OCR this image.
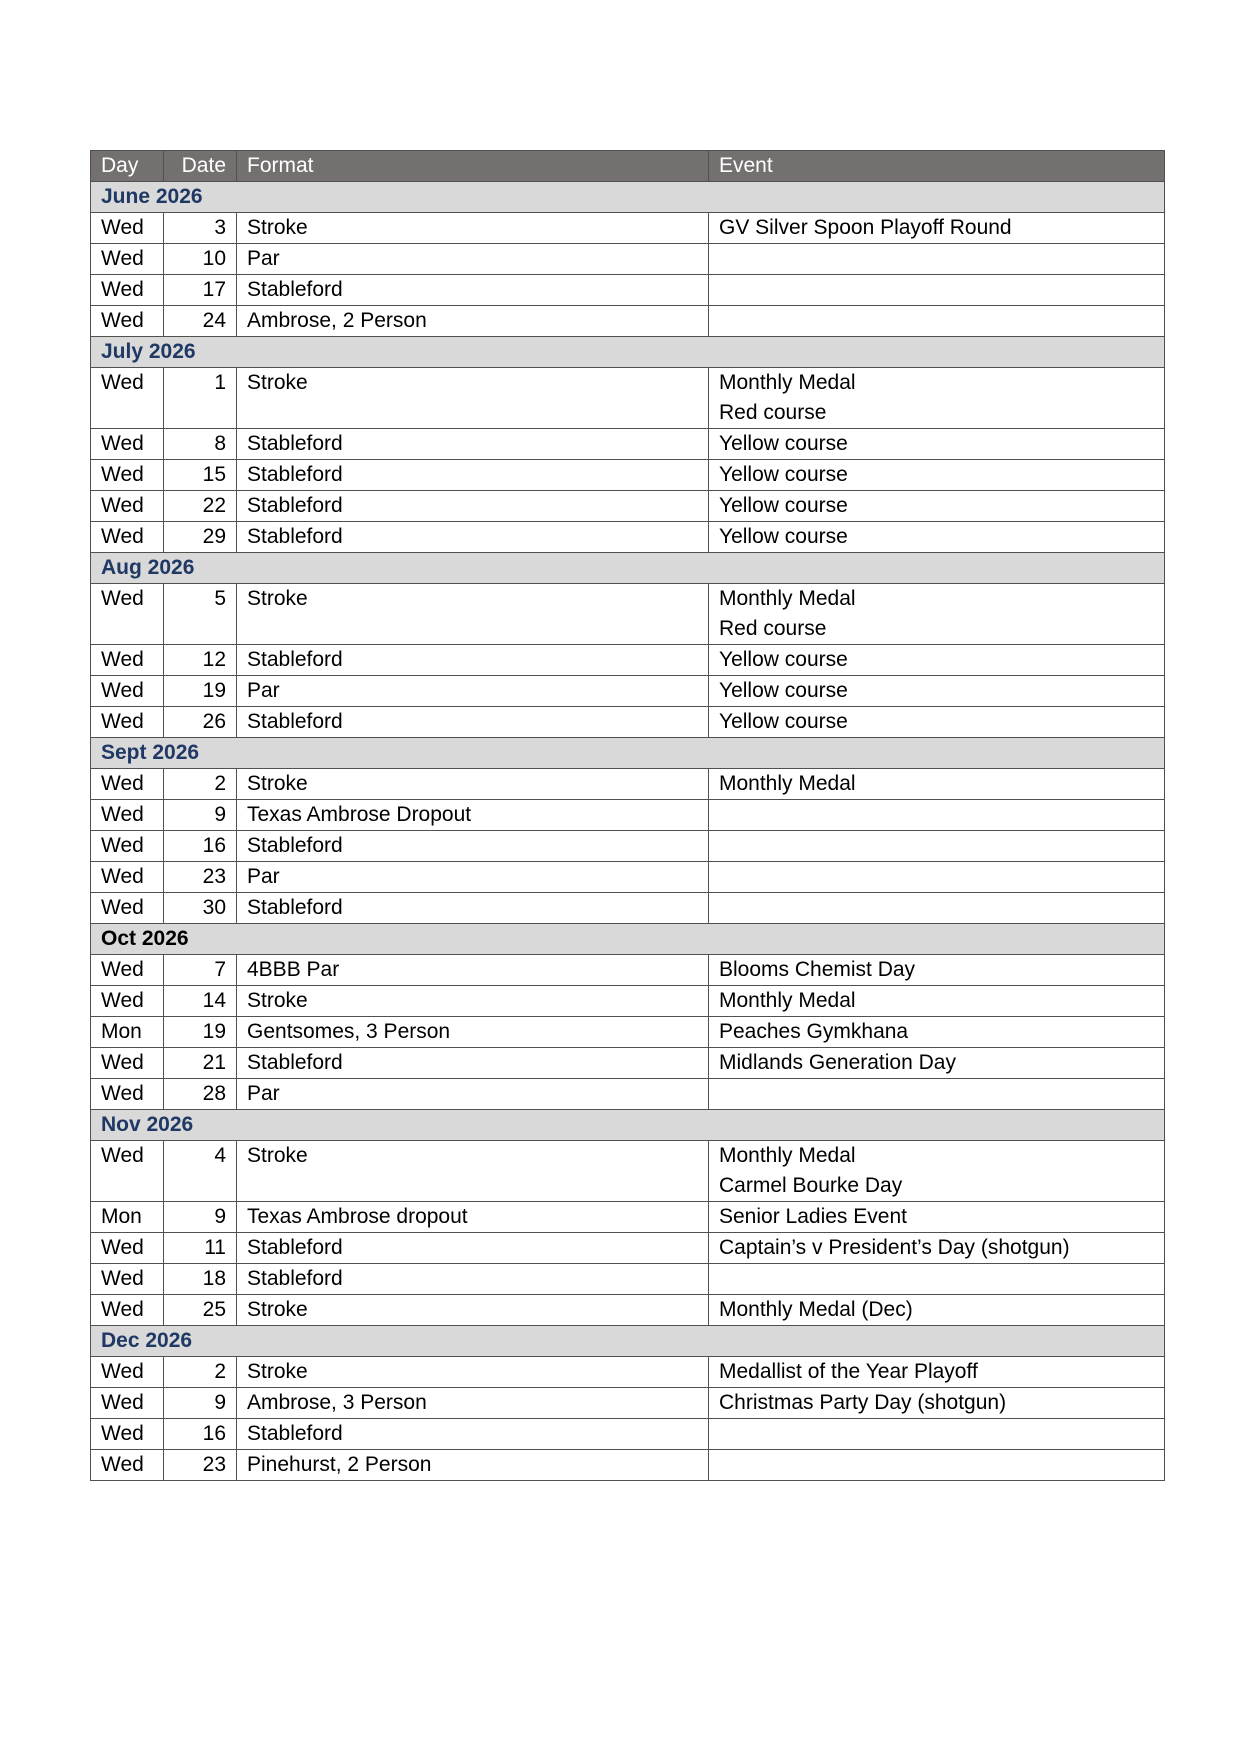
Day	Date	Format	Event
June 2026			
Wed	3	Stroke	GV Silver Spoon Playoff Round

Wed	10	Par	
Wed	17	Stableford	
Wed	24	Ambrose, 2 Person	
July 2026			
Wed	1	Stroke	Monthly Medal
Red course

Wed	8	Stableford	Yellow course

Wed	15	Stableford	Yellow course

Wed	22	Stableford	Yellow course

Wed	29	Stableford	Yellow course

Aug 2026			
Wed	5	Stroke	Monthly Medal
Red course

Wed	12	Stableford	Yellow course

Wed	19	Par	Yellow course

Wed	26	Stableford	Yellow course

Sept 2026			
Wed	2	Stroke	Monthly Medal

Wed	9	Texas Ambrose Dropout	
Wed	16	Stableford	
Wed	23	Par	
Wed	30	Stableford	
Oct 2026			
Wed	7	4BBB Par	Blooms Chemist Day

Wed	14	Stroke	Monthly Medal

Mon	19	Gentsomes, 3 Person	Peaches Gymkhana

Wed	21	Stableford	Midlands Generation Day

Wed	28	Par	
Nov 2026			
Wed	4	Stroke	Monthly Medal
Carmel Bourke Day

Mon	9	Texas Ambrose dropout	Senior Ladies Event

Wed	11	Stableford	Captain’s v President’s Day (shotgun)

Wed	18	Stableford	
Wed	25	Stroke	Monthly Medal (Dec)

Dec 2026			
Wed	2	Stroke	Medallist of the Year Playoff

Wed	9	Ambrose, 3 Person	Christmas Party Day (shotgun)

Wed	16	Stableford	
Wed	23	Pinehurst, 2 Person	
